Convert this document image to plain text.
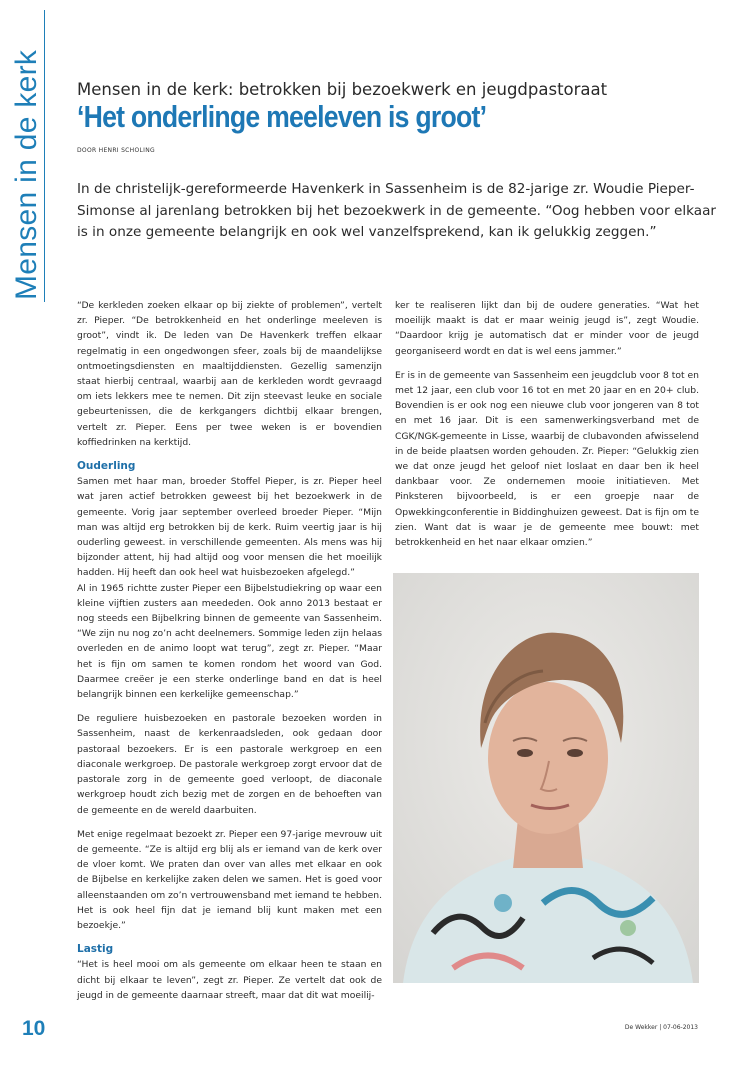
Mensen in de kerk Mensen in de kerk: betrokken bij bezoekwerk en jeugdpastoraat
‘Het onderlinge meeleven is groot’
DOOR HENRI SCHOLING
In de christelijk-gereformeerde Havenkerk in Sassenheim is de 82-jarige zr. Woudie Pieper-Simonse al jarenlang betrokken bij het bezoekwerk in de gemeente. “Oog hebben voor elkaar is in onze gemeente belangrijk en ook wel vanzelfsprekend, kan ik gelukkig zeggen.”

“De kerkleden zoeken elkaar op bij ziekte of problemen”, vertelt zr. Pieper. “De betrokkenheid en het onderlinge meeleven is groot”, vindt ik. De leden van De Havenkerk treffen elkaar regelmatig in een ongedwongen sfeer, zoals bij de maandelijkse ontmoetingsdiensten en maaltijddiensten. Gezellig samenzijn staat hierbij centraal, waarbij aan de kerkleden wordt gevraagd om iets lekkers mee te nemen. Dit zijn steevast leuke en sociale gebeurtenissen, die de kerkgangers dichtbij elkaar brengen, vertelt zr. Pieper. Eens per twee weken is er bovendien koffiedrinken na kerktijd.

Ouderling

Samen met haar man, broeder Stoffel Pieper, is zr. Pieper heel wat jaren actief betrokken geweest bij het bezoekwerk in de gemeente. Vorig jaar september overleed broeder Pieper. “Mijn man was altijd erg betrokken bij de kerk. Ruim veertig jaar is hij ouderling geweest. in verschillende gemeenten. Als mens was hij bijzonder attent, hij had altijd oog voor mensen die het moeilijk hadden. Hij heeft dan ook heel wat huisbezoeken afgelegd.”

Al in 1965 richtte zuster Pieper een Bijbelstudiekring op waar een kleine vijftien zusters aan meededen. Ook anno 2013 bestaat er nog steeds een Bijbelkring binnen de gemeente van Sassenheim. “We zijn nu nog zo’n acht deelnemers. Sommige leden zijn helaas overleden en de animo loopt wat terug”, zegt zr. Pieper. “Maar het is fijn om samen te komen rondom het woord van God. Daarmee creëer je een sterke onderlinge band en dat is heel belangrijk binnen een kerkelijke gemeenschap.”

De reguliere huisbezoeken en pastorale bezoeken worden in Sassenheim, naast de kerkenraadsleden, ook gedaan door pastoraal bezoekers. Er is een pastorale werkgroep en een diaconale werkgroep. De pastorale werkgroep zorgt ervoor dat de pastorale zorg in de gemeente goed verloopt, de diaconale werkgroep houdt zich bezig met de zorgen en de behoeften van de gemeente en de wereld daarbuiten.

Met enige regelmaat bezoekt zr. Pieper een 97-jarige mevrouw uit de gemeente. “Ze is altijd erg blij als er iemand van de kerk over de vloer komt. We praten dan over van alles met elkaar en ook de Bijbelse en kerkelijke zaken delen we samen. Het is goed voor alleenstaanden om zo’n vertrouwensband met iemand te hebben. Het is ook heel fijn dat je iemand blij kunt maken met een bezoekje.”

Lastig

“Het is heel mooi om als gemeente om elkaar heen te staan en dicht bij elkaar te leven”, zegt zr. Pieper. Ze vertelt dat ook de jeugd in de gemeente daarnaar streeft, maar dat dit wat moeilij-

ker te realiseren lijkt dan bij de oudere generaties. “Wat het moeilijk maakt is dat er maar weinig jeugd is”, zegt Woudie. “Daardoor krijg je automatisch dat er minder voor de jeugd georganiseerd wordt en dat is wel eens jammer.”

Er is in de gemeente van Sassenheim een jeugdclub voor 8 tot en met 12 jaar, een club voor 16 tot en met 20 jaar en en 20+ club. Bovendien is er ook nog een nieuwe club voor jongeren van 8 tot en met 16 jaar. Dit is een samenwerkingsverband met de CGK/NGK-gemeente in Lisse, waarbij de clubavonden afwisselend in de beide plaatsen worden gehouden. Zr. Pieper: “Gelukkig zien we dat onze jeugd het geloof niet loslaat en daar ben ik heel dankbaar voor. Ze ondernemen mooie initiatieven. Met Pinksteren bijvoorbeeld, is er een groepje naar de Opwekkingconferentie in Biddinghuizen geweest. Dat is fijn om te zien. Want dat is waar je de gemeente mee bouwt: met betrokkenheid en het naar elkaar omzien.”

10	De Wekker | 07-06-2013
